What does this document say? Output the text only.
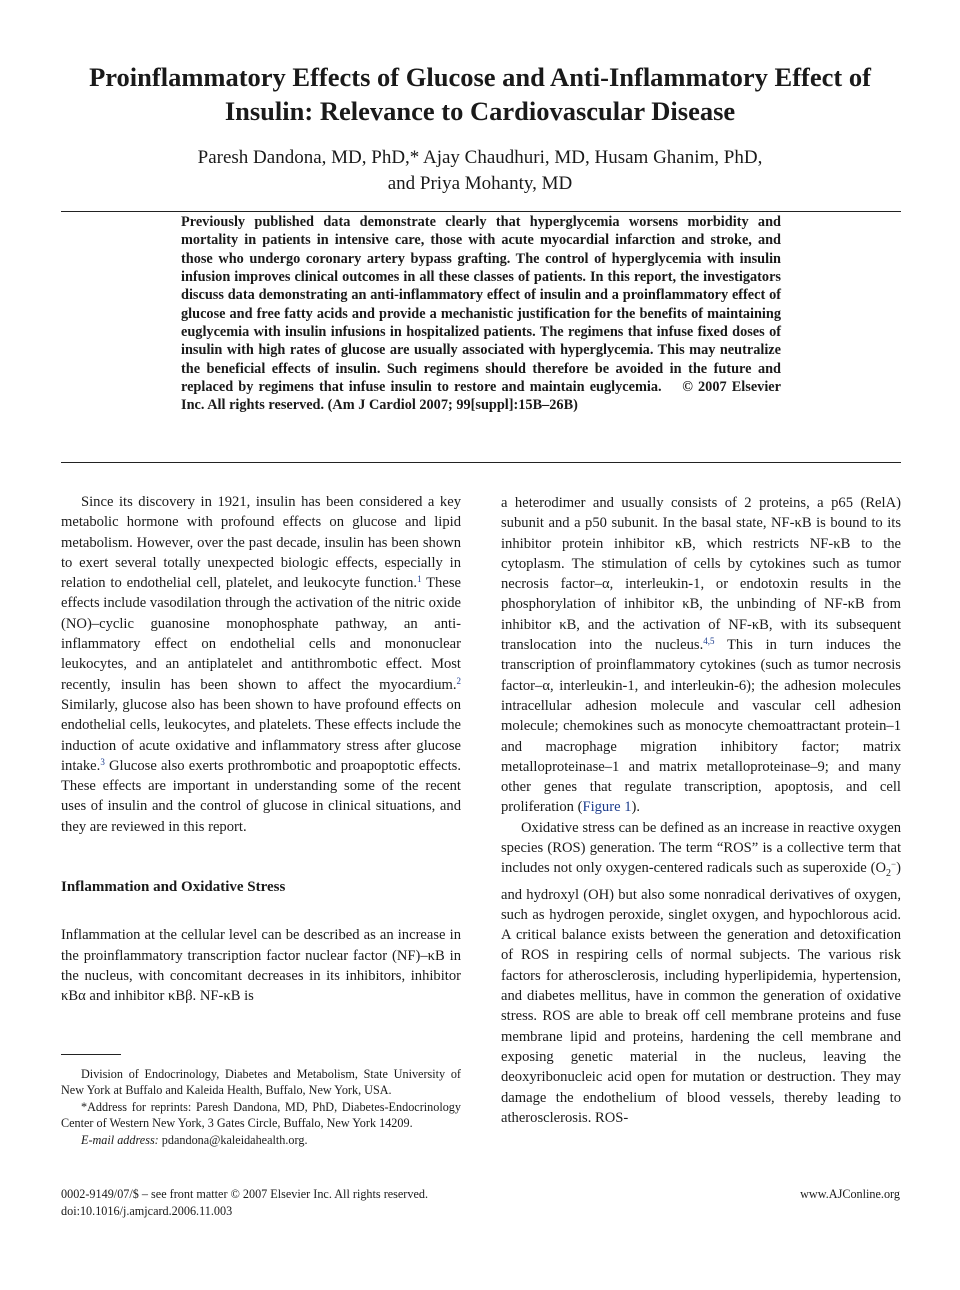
Proinflammatory Effects of Glucose and Anti-Inflammatory Effect of Insulin: Relevance to Cardiovascular Disease
Paresh Dandona, MD, PhD,* Ajay Chaudhuri, MD, Husam Ghanim, PhD,
and Priya Mohanty, MD

Previously published data demonstrate clearly that hyperglycemia worsens morbidity and mortality in patients in intensive care, those with acute myocardial infarction and stroke, and those who undergo coronary artery bypass grafting. The control of hyperglycemia with insulin infusion improves clinical outcomes in all these classes of patients. In this report, the investigators discuss data demonstrating an anti-inflammatory effect of insulin and a proinflammatory effect of glucose and free fatty acids and provide a mechanistic justification for the benefits of maintaining euglycemia with insulin infusions in hospitalized patients. The regimens that infuse fixed doses of insulin with high rates of glucose are usually associated with hyperglycemia. This may neutralize the beneficial effects of insulin. Such regimens should therefore be avoided in the future and replaced by regimens that infuse insulin to restore and maintain euglycemia. © 2007 Elsevier Inc. All rights reserved. (Am J Cardiol 2007; 99[suppl]:15B–26B)

Since its discovery in 1921, insulin has been considered a key metabolic hormone with profound effects on glucose and lipid metabolism. However, over the past decade, insulin has been shown to exert several totally unexpected biologic effects, especially in relation to endothelial cell, platelet, and leukocyte function.$^1$ These effects include vasodilation through the activation of the nitric oxide (NO)–cyclic guanosine monophosphate pathway, an anti-inflammatory effect on endothelial cells and mononuclear leukocytes, and an antiplatelet and antithrombotic effect. Most recently, insulin has been shown to affect the myocardium.$^2$ Similarly, glucose also has been shown to have profound effects on endothelial cells, leukocytes, and platelets. These effects include the induction of acute oxidative and inflammatory stress after glucose intake.$^3$ Glucose also exerts prothrombotic and proapoptotic effects. These effects are important in understanding some of the recent uses of insulin and the control of glucose in clinical situations, and they are reviewed in this report.

Inflammation and Oxidative Stress

Inflammation at the cellular level can be described as an increase in the proinflammatory transcription factor nuclear factor (NF)–κB in the nucleus, with concomitant decreases in its inhibitors, inhibitor κBα and inhibitor κBβ. NF-κB is

a heterodimer and usually consists of 2 proteins, a p65 (RelA) subunit and a p50 subunit. In the basal state, NF-κB is bound to its inhibitor protein inhibitor κB, which restricts NF-κB to the cytoplasm. The stimulation of cells by cytokines such as tumor necrosis factor–α, interleukin-1, or endotoxin results in the phosphorylation of inhibitor κB, the unbinding of NF-κB from inhibitor κB, and the activation of NF-κB, with its subsequent translocation into the nucleus.$^{4,5}$ This in turn induces the transcription of proinflammatory cytokines (such as tumor necrosis factor–α, interleukin-1, and interleukin-6); the adhesion molecules intracellular adhesion molecule and vascular cell adhesion molecule; chemokines such as monocyte chemoattractant protein–1 and macrophage migration inhibitory factor; matrix metalloproteinase–1 and matrix metalloproteinase–9; and many other genes that regulate transcription, apoptosis, and cell proliferation (Figure 1).

Oxidative stress can be defined as an increase in reactive oxygen species (ROS) generation. The term “ROS” is a collective term that includes not only oxygen-centered radicals such as superoxide $(O_2^-)$ and hydroxyl (OH) but also some nonradical derivatives of oxygen, such as hydrogen peroxide, singlet oxygen, and hypochlorous acid. A critical balance exists between the generation and detoxification of ROS in respiring cells of normal subjects. The various risk factors for atherosclerosis, including hyperlipidemia, hypertension, and diabetes mellitus, have in common the generation of oxidative stress. ROS are able to break off cell membrane proteins and fuse membrane lipid and proteins, hardening the cell membrane and exposing genetic material in the nucleus, leaving the deoxyribonucleic acid open for mutation or destruction. They may damage the endothelium of blood vessels, thereby leading to atherosclerosis. ROS-

Division of Endocrinology, Diabetes and Metabolism, State University of New York at Buffalo and Kaleida Health, Buffalo, New York, USA.

*Address for reprints: Paresh Dandona, MD, PhD, Diabetes-Endocrinology Center of Western New York, 3 Gates Circle, Buffalo, New York 14209.

E-mail address: pdandona@kaleidahealth.org.

0002-9149/07/$ – see front matter © 2007 Elsevier Inc. All rights reserved.
doi:10.1016/j.amjcard.2006.11.003
www.AJConline.org
